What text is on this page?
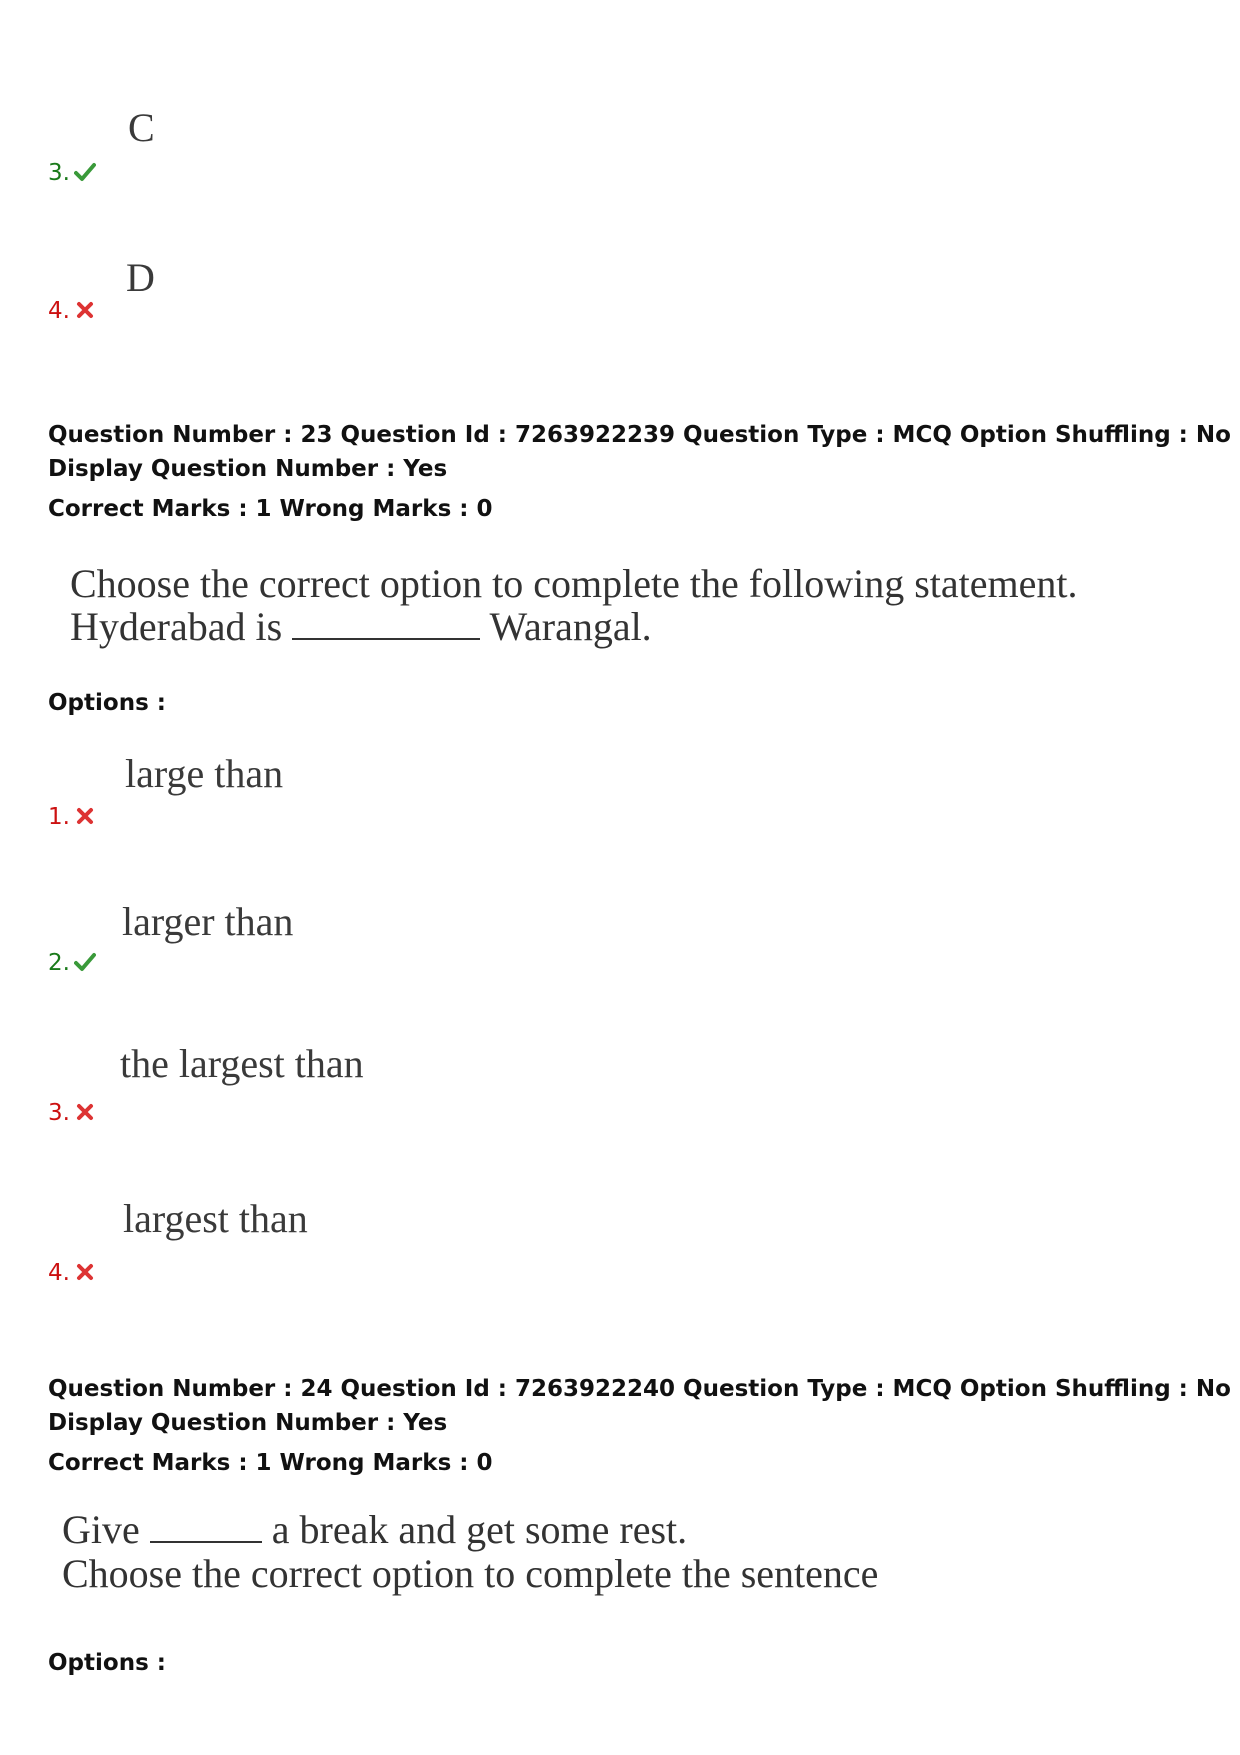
C
3.
D
4.
Question Number : 23 Question Id : 7263922239 Question Type : MCQ Option Shuffling : No
Display Question Number : Yes
Correct Marks : 1 Wrong Marks : 0
Choose the correct option to complete the following statement.
Hyderabad is	Warangal.
Options :
large than
1.
larger than
2.
the largest than
3.
largest than
4.
Question Number : 24 Question Id : 7263922240 Question Type : MCQ Option Shuffling : No
Display Question Number : Yes
Correct Marks : 1 Wrong Marks : 0
Give	a break and get some rest.
Choose the correct option to complete the sentence
Options :
